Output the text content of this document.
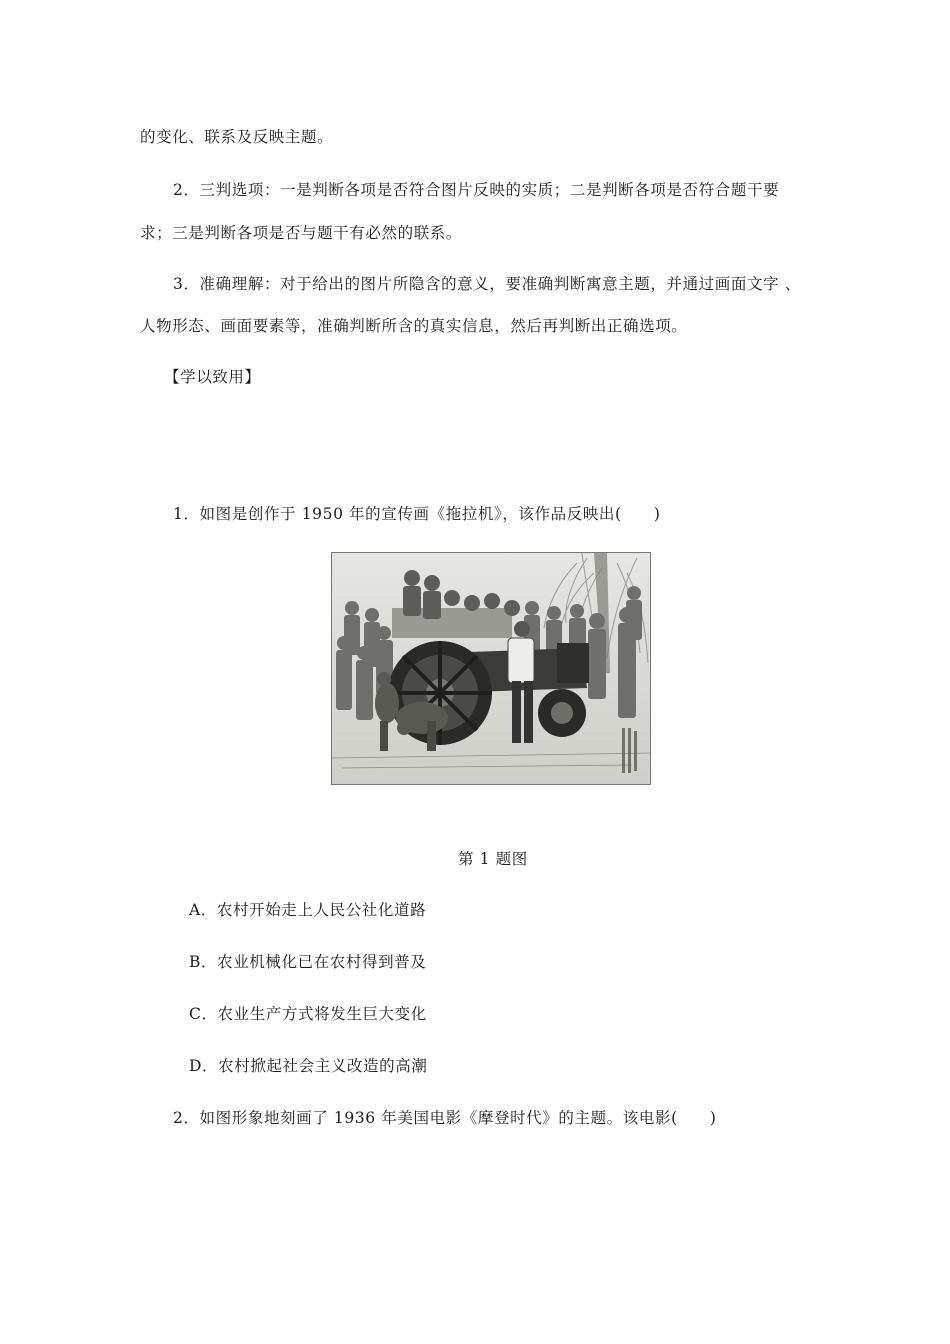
的变化、联系及反映主题。
2．三判选项：一是判断各项是否符合图片反映的实质；二是判断各项是否符合题干要
求；三是判断各项是否与题干有必然的联系。
3．准确理解：对于给出的图片所隐含的意义，要准确判断寓意主题，并通过画面文字 、
人物形态、画面要素等，准确判断所含的真实信息，然后再判断出正确选项。
【学以致用】
1．如图是创作于 1950 年的宣传画《拖拉机》，该作品反映出(　　)
第 1 题图
A．农村开始走上人民公社化道路
B．农业机械化已在农村得到普及
C．农业生产方式将发生巨大变化
D．农村掀起社会主义改造的高潮
2．如图形象地刻画了 1936 年美国电影《摩登时代》的主题。该电影(　　)
